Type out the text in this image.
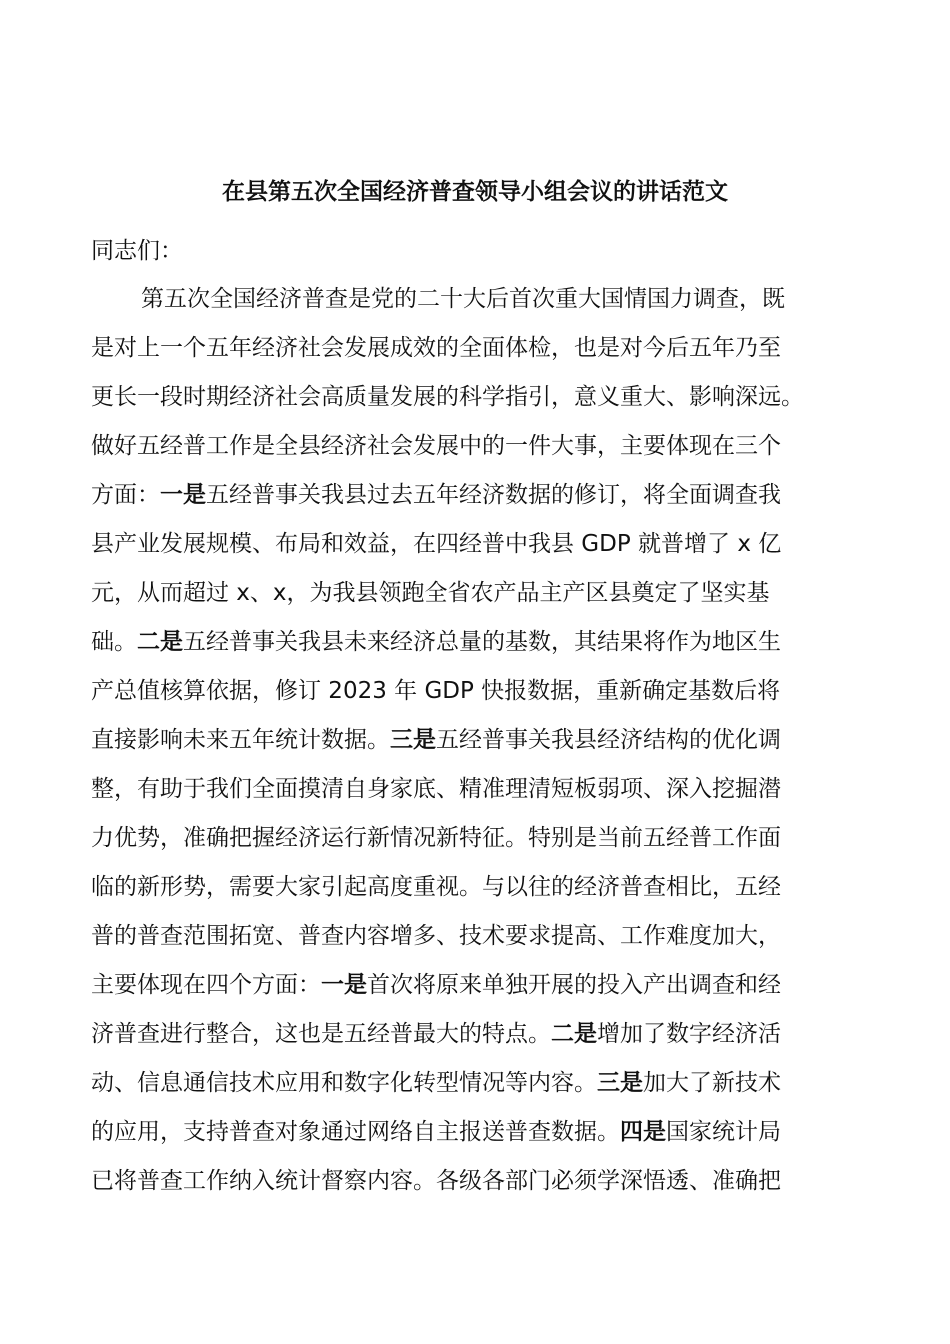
在县第五次全国经济普查领导小组会议的讲话范文

同志们：

第五次全国经济普查是党的二十大后首次重大国情国力调查，既

是对上一个五年经济社会发展成效的全面体检，也是对今后五年乃至

更长一段时期经济社会高质量发展的科学指引，意义重大、影响深远。

做好五经普工作是全县经济社会发展中的一件大事，主要体现在三个

方面：一是五经普事关我县过去五年经济数据的修订，将全面调查我

县产业发展规模、布局和效益，在四经普中我县 GDP 就普增了 x 亿

元，从而超过 x、x，为我县领跑全省农产品主产区县奠定了坚实基

础。二是五经普事关我县未来经济总量的基数，其结果将作为地区生

产总值核算依据，修订 2023 年 GDP 快报数据，重新确定基数后将

直接影响未来五年统计数据。三是五经普事关我县经济结构的优化调

整，有助于我们全面摸清自身家底、精准理清短板弱项、深入挖掘潜

力优势，准确把握经济运行新情况新特征。特别是当前五经普工作面

临的新形势，需要大家引起高度重视。与以往的经济普查相比，五经

普的普查范围拓宽、普查内容增多、技术要求提高、工作难度加大，

主要体现在四个方面：一是首次将原来单独开展的投入产出调查和经

济普查进行整合，这也是五经普最大的特点。二是增加了数字经济活

动、信息通信技术应用和数字化转型情况等内容。三是加大了新技术

的应用，支持普查对象通过网络自主报送普查数据。四是国家统计局

已将普查工作纳入统计督察内容。各级各部门必须学深悟透、准确把
